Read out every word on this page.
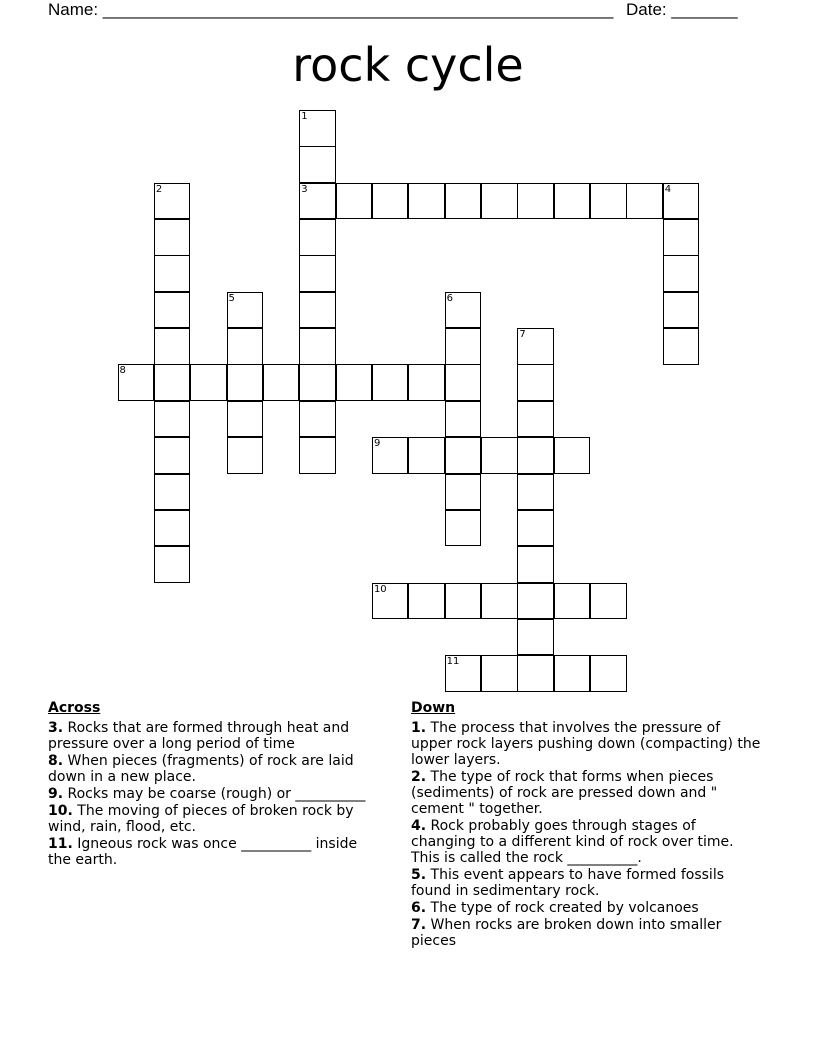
Name: ______________________________________________________ Date: _______
rock cycle
1
3
2	4
5	6
7
8
9
10
11
Across
3. Rocks that are formed through heat and pressure over a long period of time
8. When pieces (fragments) of rock are laid down in a new place.
9. Rocks may be coarse (rough) or __________
10. The moving of pieces of broken rock by wind, rain, flood, etc.
11. Igneous rock was once __________ inside the earth.
Down
1. The process that involves the pressure of upper rock layers pushing down (compacting) the lower layers.
2. The type of rock that forms when pieces (sediments) of rock are pressed down and " cement " together.
4. Rock probably goes through stages of changing to a different kind of rock over time. This is called the rock __________.
5. This event appears to have formed fossils found in sedimentary rock.
6. The type of rock created by volcanoes
7. When rocks are broken down into smaller pieces
